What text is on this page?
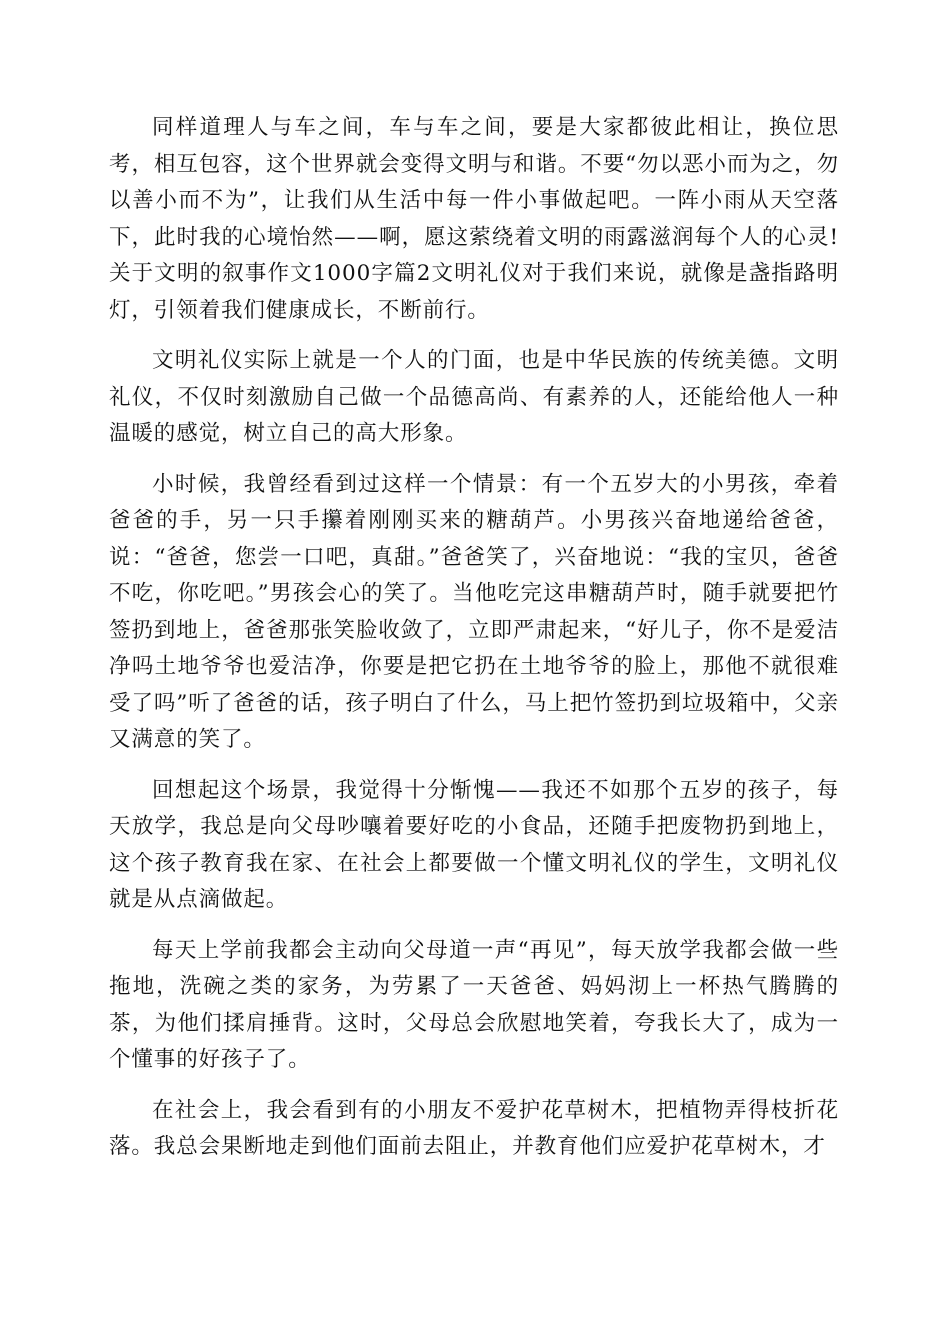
同样道理人与车之间，车与车之间，要是大家都彼此相让，换位思考，相互包容，这个世界就会变得文明与和谐。不要“勿以恶小而为之，勿以善小而不为”，让我们从生活中每一件小事做起吧。一阵小雨从天空落下，此时我的心境怡然——啊，愿这萦绕着文明的雨露滋润每个人的心灵!关于文明的叙事作文1000字篇2文明礼仪对于我们来说，就像是盏指路明灯，引领着我们健康成长，不断前行。

文明礼仪实际上就是一个人的门面，也是中华民族的传统美德。文明礼仪，不仅时刻激励自己做一个品德高尚、有素养的人，还能给他人一种温暖的感觉，树立自己的高大形象。

小时候，我曾经看到过这样一个情景：有一个五岁大的小男孩，牵着爸爸的手，另一只手攥着刚刚买来的糖葫芦。小男孩兴奋地递给爸爸，说：“爸爸，您尝一口吧，真甜。”爸爸笑了，兴奋地说：“我的宝贝，爸爸不吃，你吃吧。”男孩会心的笑了。当他吃完这串糖葫芦时，随手就要把竹签扔到地上，爸爸那张笑脸收敛了，立即严肃起来，“好儿子，你不是爱洁净吗土地爷爷也爱洁净，你要是把它扔在土地爷爷的脸上，那他不就很难受了吗”听了爸爸的话，孩子明白了什么，马上把竹签扔到垃圾箱中，父亲又满意的笑了。

回想起这个场景，我觉得十分惭愧——我还不如那个五岁的孩子，每天放学，我总是向父母吵嚷着要好吃的小食品，还随手把废物扔到地上，这个孩子教育我在家、在社会上都要做一个懂文明礼仪的学生，文明礼仪就是从点滴做起。

每天上学前我都会主动向父母道一声“再见”，每天放学我都会做一些拖地，洗碗之类的家务，为劳累了一天爸爸、妈妈沏上一杯热气腾腾的茶，为他们揉肩捶背。这时，父母总会欣慰地笑着，夸我长大了，成为一个懂事的好孩子了。

在社会上，我会看到有的小朋友不爱护花草树木，把植物弄得枝折花落。我总会果断地走到他们面前去阻止，并教育他们应爱护花草树木，才
